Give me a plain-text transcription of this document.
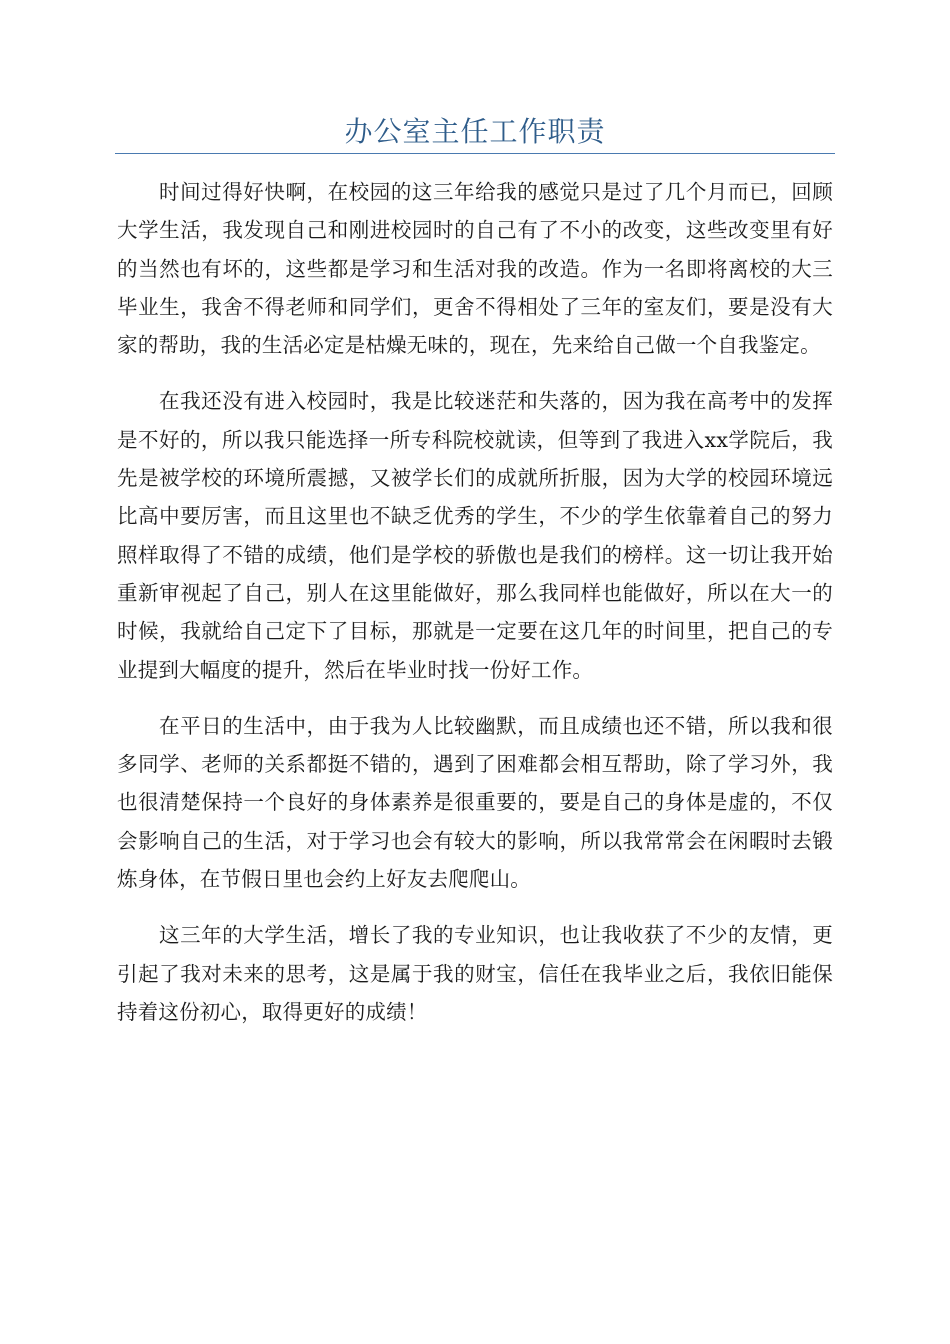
办公室主任工作职责

时间过得好快啊，在校园的这三年给我的感觉只是过了几个月而已，回顾大学生活，我发现自己和刚进校园时的自己有了不小的改变，这些改变里有好的当然也有坏的，这些都是学习和生活对我的改造。作为一名即将离校的大三毕业生，我舍不得老师和同学们，更舍不得相处了三年的室友们，要是没有大家的帮助，我的生活必定是枯燥无味的，现在，先来给自己做一个自我鉴定。

在我还没有进入校园时，我是比较迷茫和失落的，因为我在高考中的发挥是不好的，所以我只能选择一所专科院校就读，但等到了我进入xx学院后，我先是被学校的环境所震撼，又被学长们的成就所折服，因为大学的校园环境远比高中要厉害，而且这里也不缺乏优秀的学生，不少的学生依靠着自己的努力照样取得了不错的成绩，他们是学校的骄傲也是我们的榜样。这一切让我开始重新审视起了自己，别人在这里能做好，那么我同样也能做好，所以在大一的时候，我就给自己定下了目标，那就是一定要在这几年的时间里，把自己的专业提到大幅度的提升，然后在毕业时找一份好工作。

在平日的生活中，由于我为人比较幽默，而且成绩也还不错，所以我和很多同学、老师的关系都挺不错的，遇到了困难都会相互帮助，除了学习外，我也很清楚保持一个良好的身体素养是很重要的，要是自己的身体是虚的，不仅会影响自己的生活，对于学习也会有较大的影响，所以我常常会在闲暇时去锻炼身体，在节假日里也会约上好友去爬爬山。

这三年的大学生活，增长了我的专业知识，也让我收获了不少的友情，更引起了我对未来的思考，这是属于我的财宝，信任在我毕业之后，我依旧能保持着这份初心，取得更好的成绩！
